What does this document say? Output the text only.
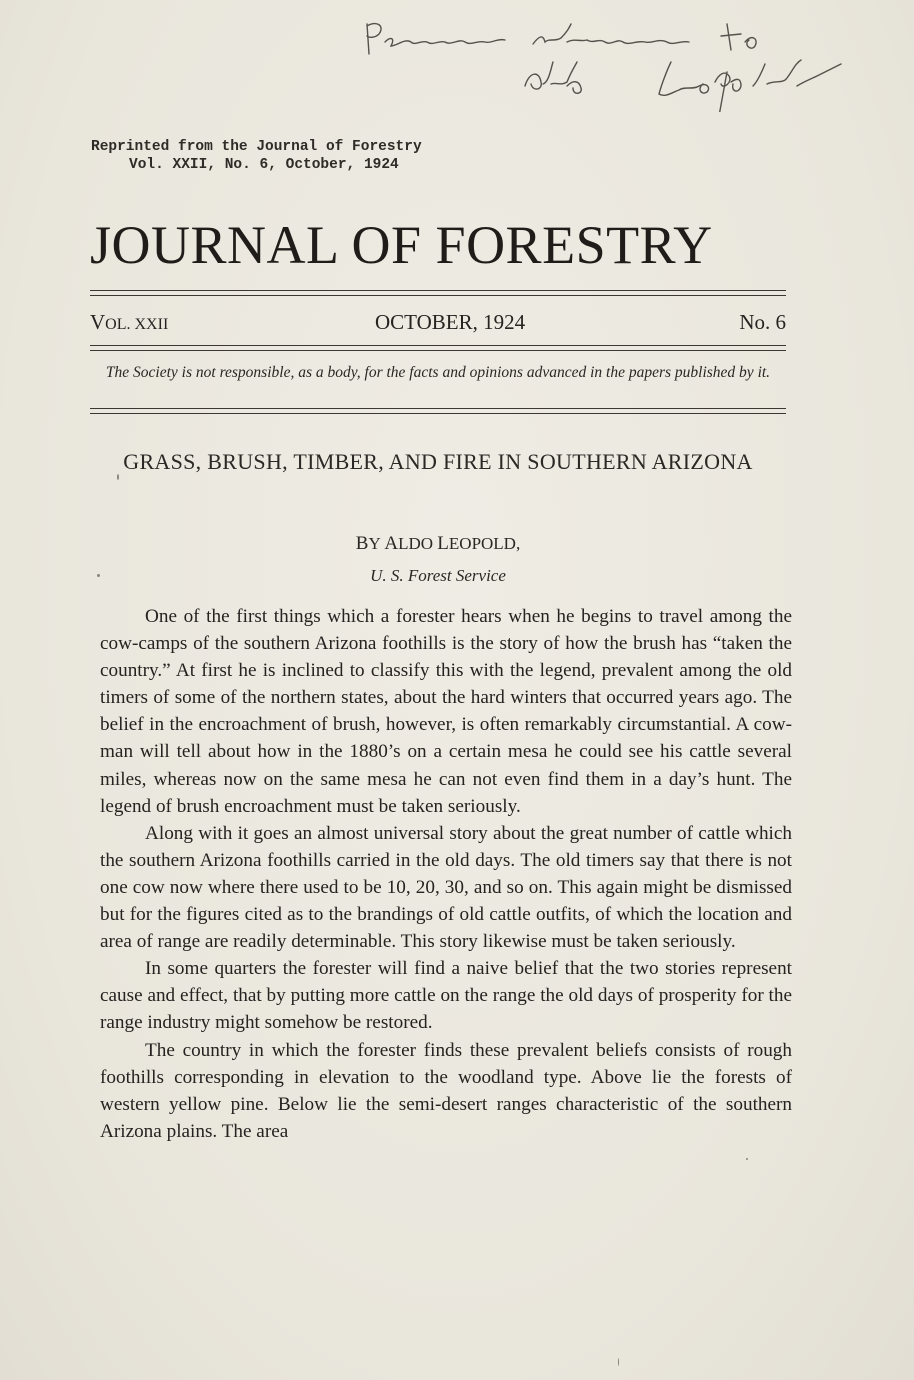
Reprinted from the Journal of Forestry
Vol. XXII, No. 6, October, 1924
JOURNAL OF FORESTRY
VOL. XXII	OCTOBER, 1924	No. 6
The Society is not responsible, as a body, for the facts and opinions advanced in the papers published by it.
GRASS, BRUSH, TIMBER, AND FIRE IN SOUTHERN ARIZONA
BY ALDO LEOPOLD,
U. S. Forest Service

One of the first things which a forester hears when he begins to travel among the cow-camps of the southern Arizona foothills is the story of how the brush has “taken the country.” At first he is inclined to classify this with the legend, prevalent among the old timers of some of the northern states, about the hard winters that occurred years ago. The belief in the encroachment of brush, however, is often remarkably circumstantial. A cow-man will tell about how in the 1880’s on a certain mesa he could see his cattle several miles, whereas now on the same mesa he can not even find them in a day’s hunt. The legend of brush encroachment must be taken seriously.

Along with it goes an almost universal story about the great number of cattle which the southern Arizona foothills carried in the old days. The old timers say that there is not one cow now where there used to be 10, 20, 30, and so on. This again might be dismissed but for the figures cited as to the brandings of old cattle outfits, of which the location and area of range are readily determinable. This story likewise must be taken seriously.

In some quarters the forester will find a naive belief that the two stories represent cause and effect, that by putting more cattle on the range the old days of prosperity for the range industry might somehow be restored.

The country in which the forester finds these prevalent beliefs consists of rough foothills corresponding in elevation to the woodland type. Above lie the forests of western yellow pine. Below lie the semi-desert ranges characteristic of the southern Arizona plains. The area
